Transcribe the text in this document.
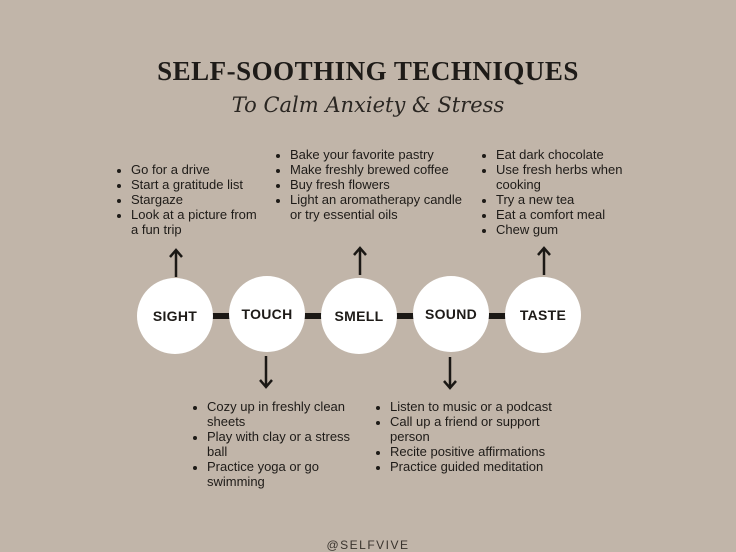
SELF-SOOTHING TECHNIQUES
To Calm Anxiety & Stress
• Go for a drive
• Start a gratitude list
• Stargaze
• Look at a picture from a fun trip
• Bake your favorite pastry
• Make freshly brewed coffee
• Buy fresh flowers
• Light an aromatherapy candle or try essential oils
• Eat dark chocolate
• Use fresh herbs when cooking
• Try a new tea
• Eat a comfort meal
• Chew gum
SIGHT	TOUCH	SMELL	SOUND	TASTE
• Cozy up in freshly clean sheets
• Play with clay or a stress ball
• Practice yoga or go swimming
• Listen to music or a podcast
• Call up a friend or support person
• Recite positive affirmations
• Practice guided meditation
@SELFVIVE
